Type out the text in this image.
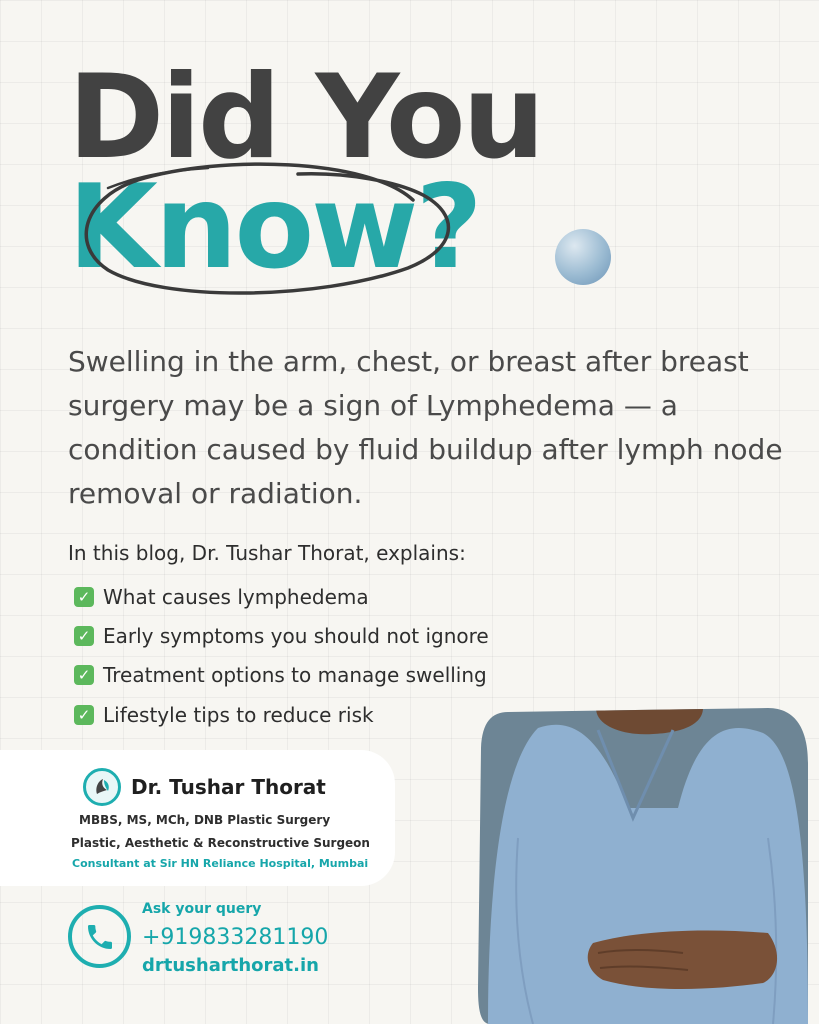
Did You
Know?

Swelling in the arm, chest, or breast after breast surgery may be a sign of Lymphedema — a condition caused by fluid buildup after lymph node removal or radiation.

In this blog, Dr. Tushar Thorat, explains:

✓ What causes lymphedema
✓ Early symptoms you should not ignore
✓ Treatment options to manage swelling
✓ Lifestyle tips to reduce risk
Dr. Tushar Thorat
MBBS, MS, MCh, DNB Plastic Surgery
Plastic, Aesthetic & Reconstructive Surgeon
Consultant at Sir HN Reliance Hospital, Mumbai
Ask your query
+919833281190
drtusharthorat.in
